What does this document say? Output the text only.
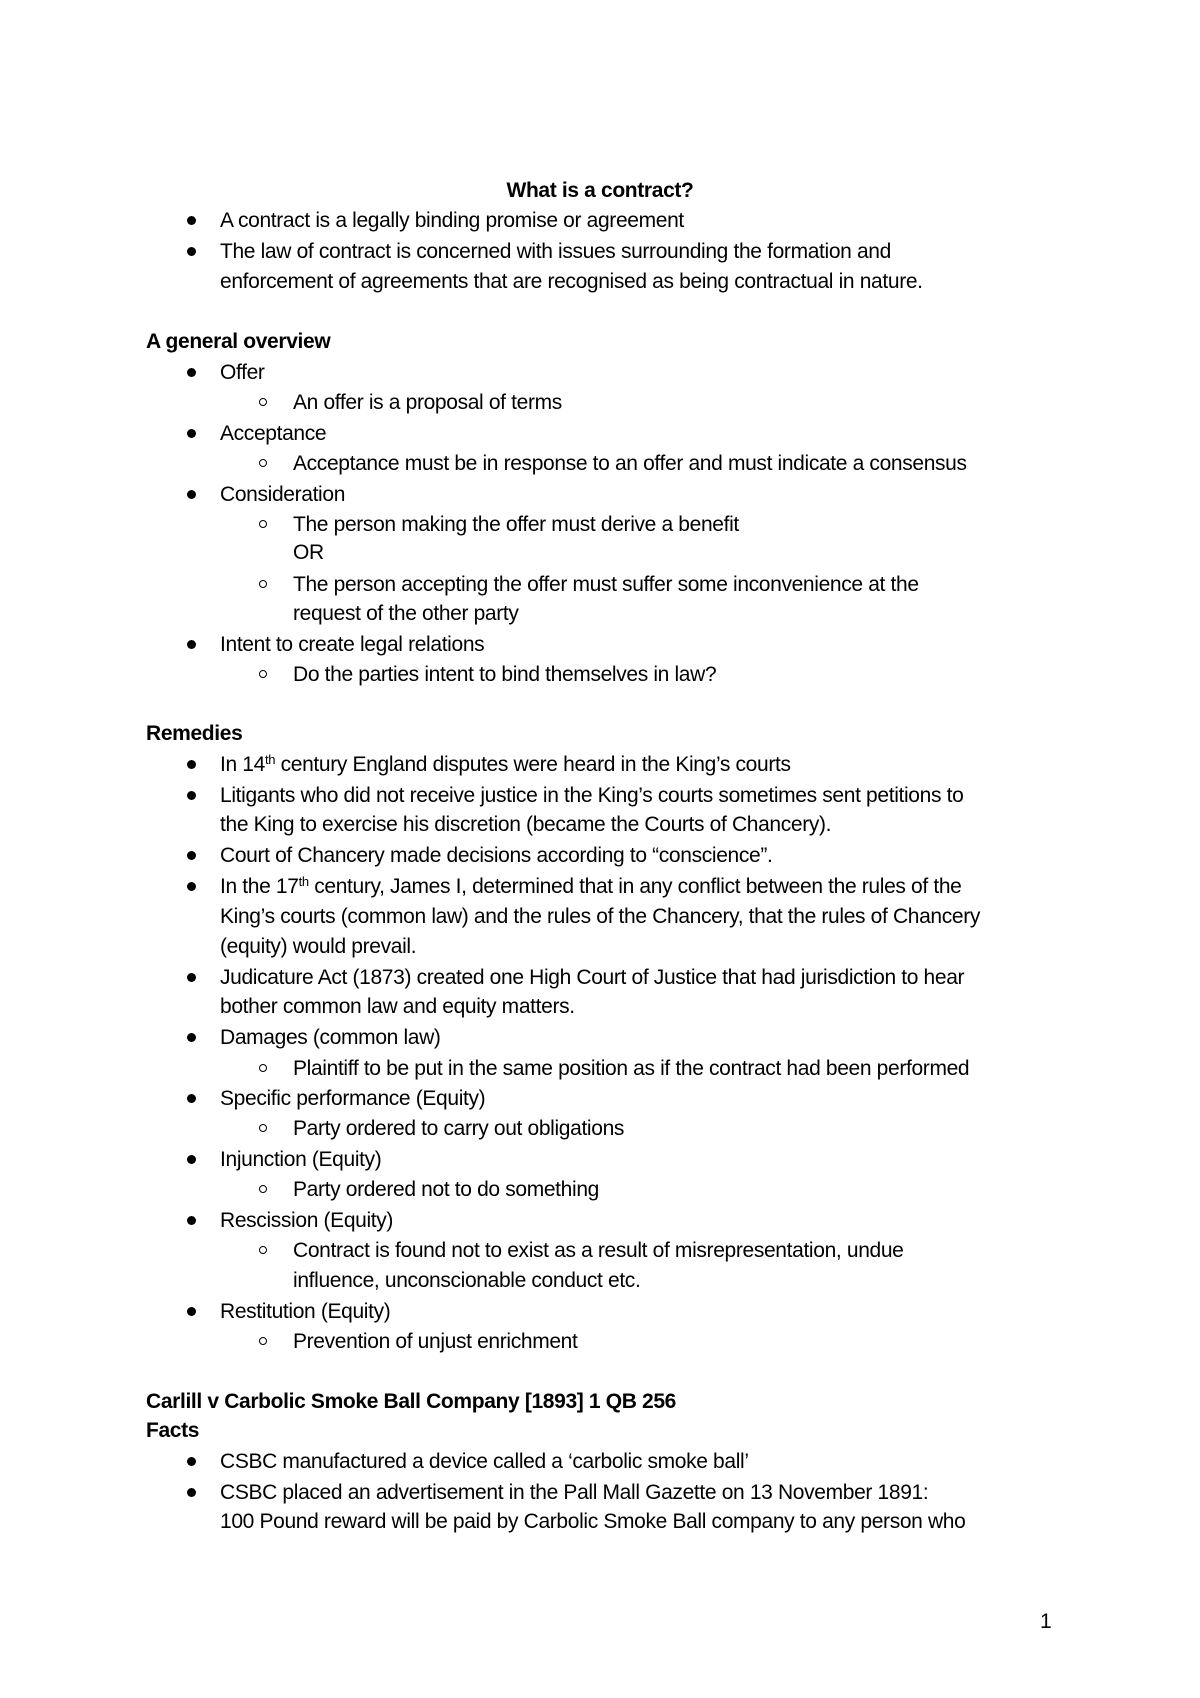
What is a contract?
A contract is a legally binding promise or agreement
The law of contract is concerned with issues surrounding the formation and
enforcement of agreements that are recognised as being contractual in nature.
A general overview
Offer
An offer is a proposal of terms
Acceptance
Acceptance must be in response to an offer and must indicate a consensus
Consideration
The person making the offer must derive a benefit
OR
The person accepting the offer must suffer some inconvenience at the
request of the other party
Intent to create legal relations
Do the parties intent to bind themselves in law?
Remedies
In 14th century England disputes were heard in the King’s courts
Litigants who did not receive justice in the King’s courts sometimes sent petitions to
the King to exercise his discretion (became the Courts of Chancery).
Court of Chancery made decisions according to “conscience”.
In the 17th century, James I, determined that in any conflict between the rules of the
King’s courts (common law) and the rules of the Chancery, that the rules of Chancery
(equity) would prevail.
Judicature Act (1873) created one High Court of Justice that had jurisdiction to hear
bother common law and equity matters.
Damages (common law)
Plaintiff to be put in the same position as if the contract had been performed
Specific performance (Equity)
Party ordered to carry out obligations
Injunction (Equity)
Party ordered not to do something
Rescission (Equity)
Contract is found not to exist as a result of misrepresentation, undue
influence, unconscionable conduct etc.
Restitution (Equity)
Prevention of unjust enrichment
Carlill v Carbolic Smoke Ball Company [1893] 1 QB 256
Facts
CSBC manufactured a device called a ‘carbolic smoke ball’
CSBC placed an advertisement in the Pall Mall Gazette on 13 November 1891:
100 Pound reward will be paid by Carbolic Smoke Ball company to any person who
1
